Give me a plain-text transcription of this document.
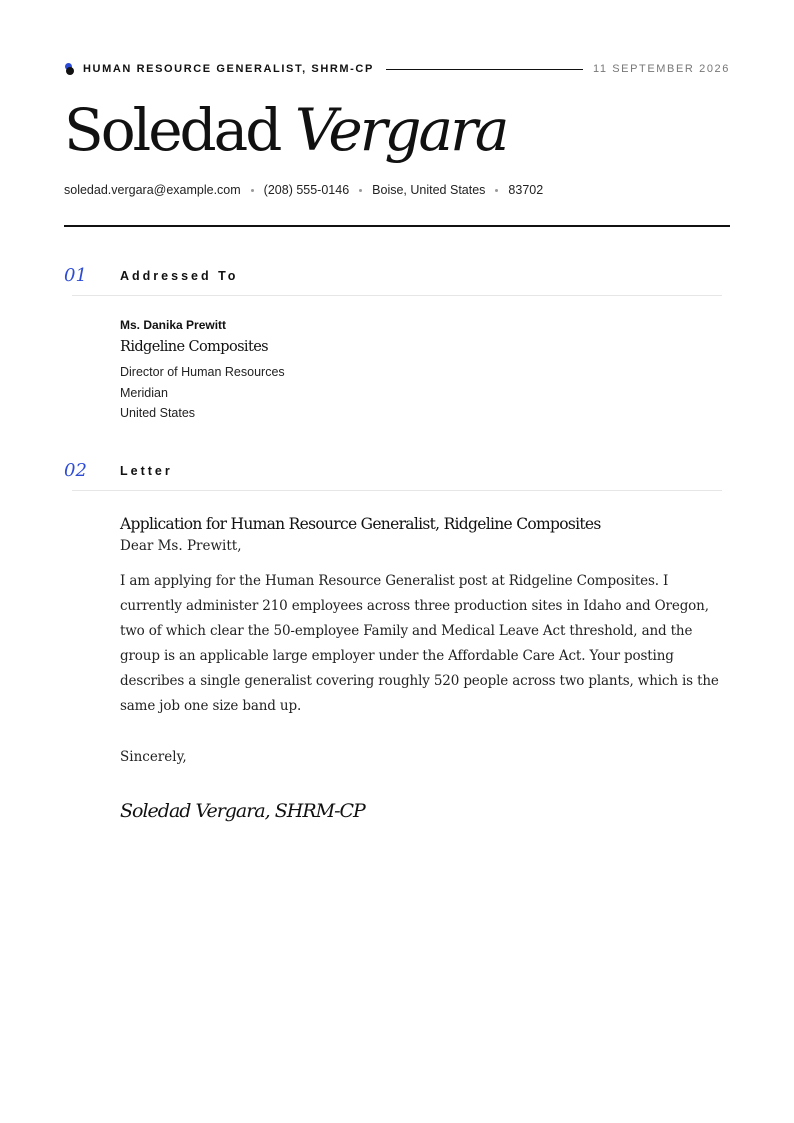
HUMAN RESOURCE GENERALIST, SHRM-CP	11 SEPTEMBER 2026
Soledad Vergara
soledad.vergara@example.com (208) 555-0146 Boise, United States 83702
01	Addressed To
Ms. Danika Prewitt
Ridgeline Composites
Director of Human Resources
Meridian
United States
02	Letter
Application for Human Resource Generalist, Ridgeline Composites
Dear Ms. Prewitt,
I am applying for the Human Resource Generalist post at Ridgeline Composites. I currently administer 210 employees across three production sites in Idaho and Oregon, two of which clear the 50-employee Family and Medical Leave Act threshold, and the group is an applicable large employer under the Affordable Care Act. Your posting describes a single generalist covering roughly 520 people across two plants, which is the same job one size band up.
Sincerely,
Soledad Vergara, SHRM-CP
